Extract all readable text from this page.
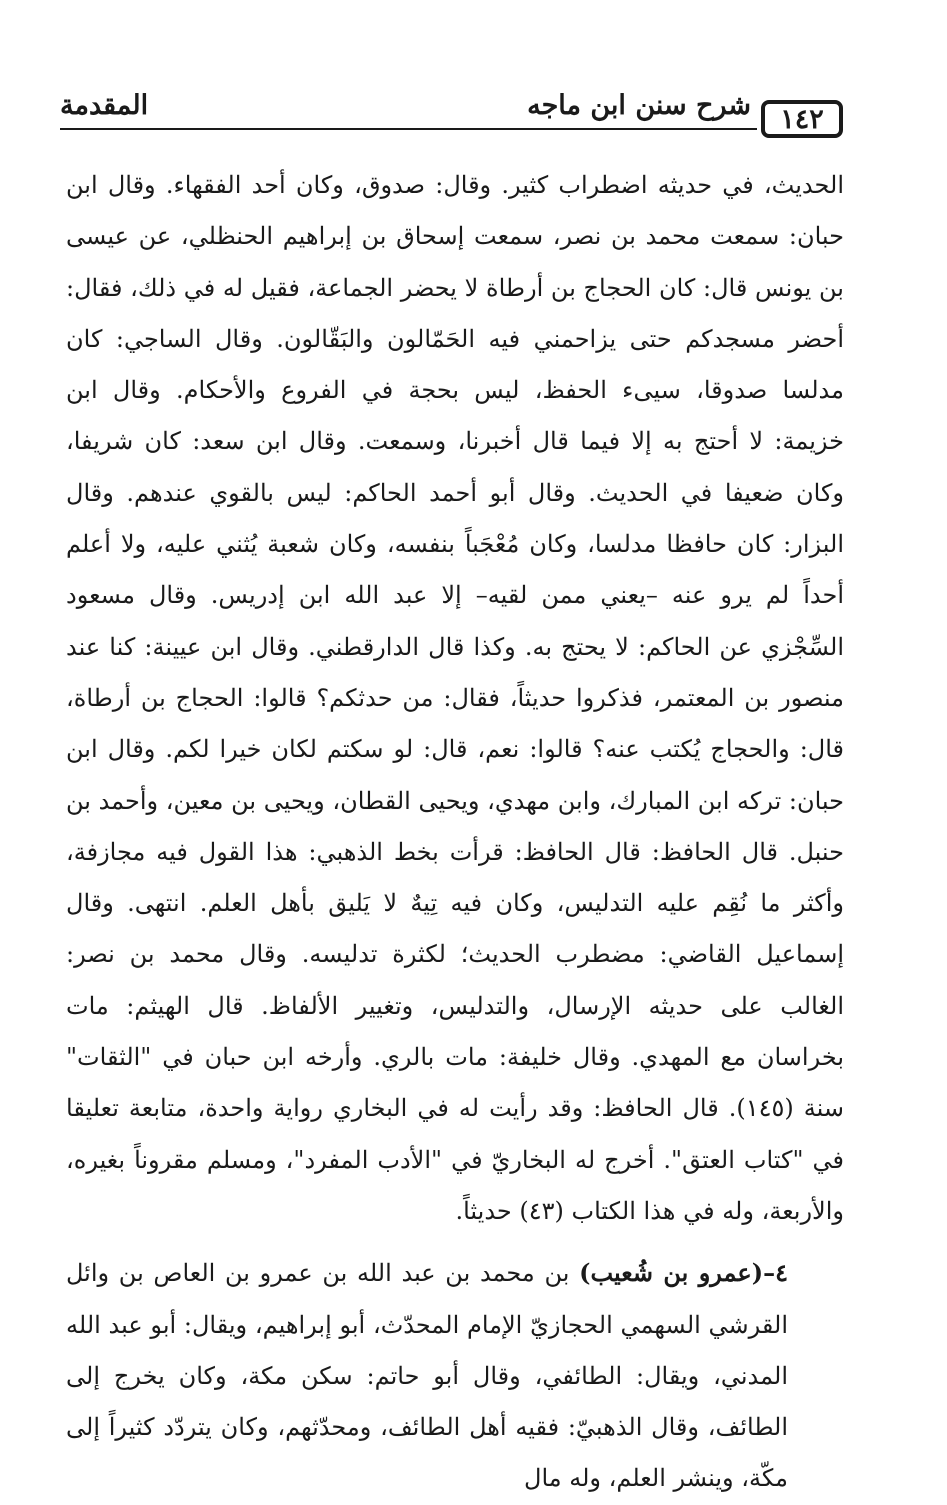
١٤٢
شرح سنن ابن ماجه
المقدمة

الحديث، في حديثه اضطراب كثير. وقال: صدوق، وكان أحد الفقهاء. وقال ابن حبان: سمعت محمد بن نصر، سمعت إسحاق بن إبراهيم الحنظلي، عن عيسى بن يونس قال: كان الحجاج بن أرطاة لا يحضر الجماعة، فقيل له في ذلك، فقال: أحضر مسجدكم حتى يزاحمني فيه الحَمّالون والبَقّالون. وقال الساجي: كان مدلسا صدوقا، سيىء الحفظ، ليس بحجة في الفروع والأحكام. وقال ابن خزيمة: لا أحتج به إلا فيما قال أخبرنا، وسمعت. وقال ابن سعد: كان شريفا، وكان ضعيفا في الحديث. وقال أبو أحمد الحاكم: ليس بالقوي عندهم. وقال البزار: كان حافظا مدلسا، وكان مُعْجَباً بنفسه، وكان شعبة يُثني عليه، ولا أعلم أحداً لم يرو عنه –يعني ممن لقيه– إلا عبد الله ابن إدريس. وقال مسعود السِّجْزي عن الحاكم: لا يحتج به. وكذا قال الدارقطني. وقال ابن عيينة: كنا عند منصور بن المعتمر، فذكروا حديثاً، فقال: من حدثكم؟ قالوا: الحجاج بن أرطاة، قال: والحجاج يُكتب عنه؟ قالوا: نعم، قال: لو سكتم لكان خيرا لكم. وقال ابن حبان: تركه ابن المبارك، وابن مهدي، ويحيى القطان، ويحيى بن معين، وأحمد بن حنبل. قال الحافظ: قال الحافظ: قرأت بخط الذهبي: هذا القول فيه مجازفة، وأكثر ما نُقِم عليه التدليس، وكان فيه تِيهٌ لا يَليق بأهل العلم. انتهى. وقال إسماعيل القاضي: مضطرب الحديث؛ لكثرة تدليسه. وقال محمد بن نصر: الغالب على حديثه الإرسال، والتدليس، وتغيير الألفاظ. قال الهيثم: مات بخراسان مع المهدي. وقال خليفة: مات بالري. وأرخه ابن حبان في "الثقات" سنة (١٤٥). قال الحافظ: وقد رأيت له في البخاري رواية واحدة، متابعة تعليقا في "كتاب العتق". أخرج له البخاريّ في "الأدب المفرد"، ومسلم مقروناً بغيره، والأربعة، وله في هذا الكتاب (٤٣) حديثاً.

٤–(عمرو بن شُعيب) بن محمد بن عبد الله بن عمرو بن العاص بن وائل القرشي السهمي الحجازيّ الإمام المحدّث، أبو إبراهيم، ويقال: أبو عبد الله المدني، ويقال: الطائفي، وقال أبو حاتم: سكن مكة، وكان يخرج إلى الطائف، وقال الذهبيّ: فقيه أهل الطائف، ومحدّثهم، وكان يتردّد كثيراً إلى مكّة، وينشر العلم، وله مال
